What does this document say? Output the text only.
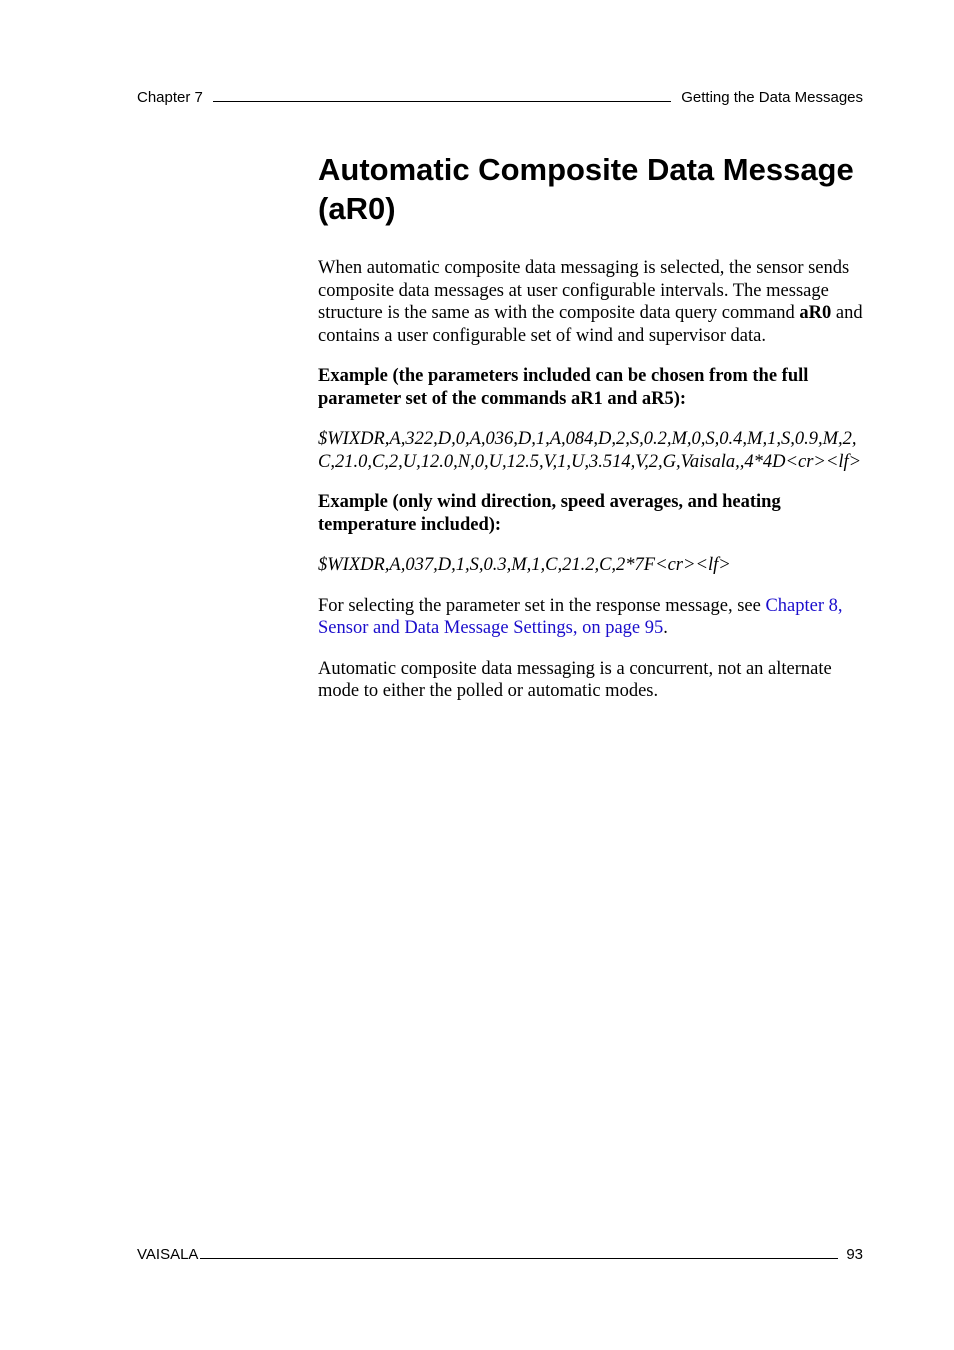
Chapter 7	Getting the Data Messages
Automatic Composite Data Message (aR0)

When automatic composite data messaging is selected, the sensor sends composite data messages at user configurable intervals. The message structure is the same as with the composite data query command aR0 and contains a user configurable set of wind and supervisor data.

Example (the parameters included can be chosen from the full parameter set of the commands aR1 and aR5):

$WIXDR,A,322,D,0,A,036,D,1,A,084,D,2,S,0.2,M,0,S,0.4,M,1,S,0.9,M,2,C,21.0,C,2,U,12.0,N,0,U,12.5,V,1,U,3.514,V,2,G,Vaisala,,4*4D<cr><lf>

Example (only wind direction, speed averages, and heating temperature included):

$WIXDR,A,037,D,1,S,0.3,M,1,C,21.2,C,2*7F<cr><lf>

For selecting the parameter set in the response message, see Chapter 8, Sensor and Data Message Settings, on page 95.

Automatic composite data messaging is a concurrent, not an alternate mode to either the polled or automatic modes.

VAISALA	93
